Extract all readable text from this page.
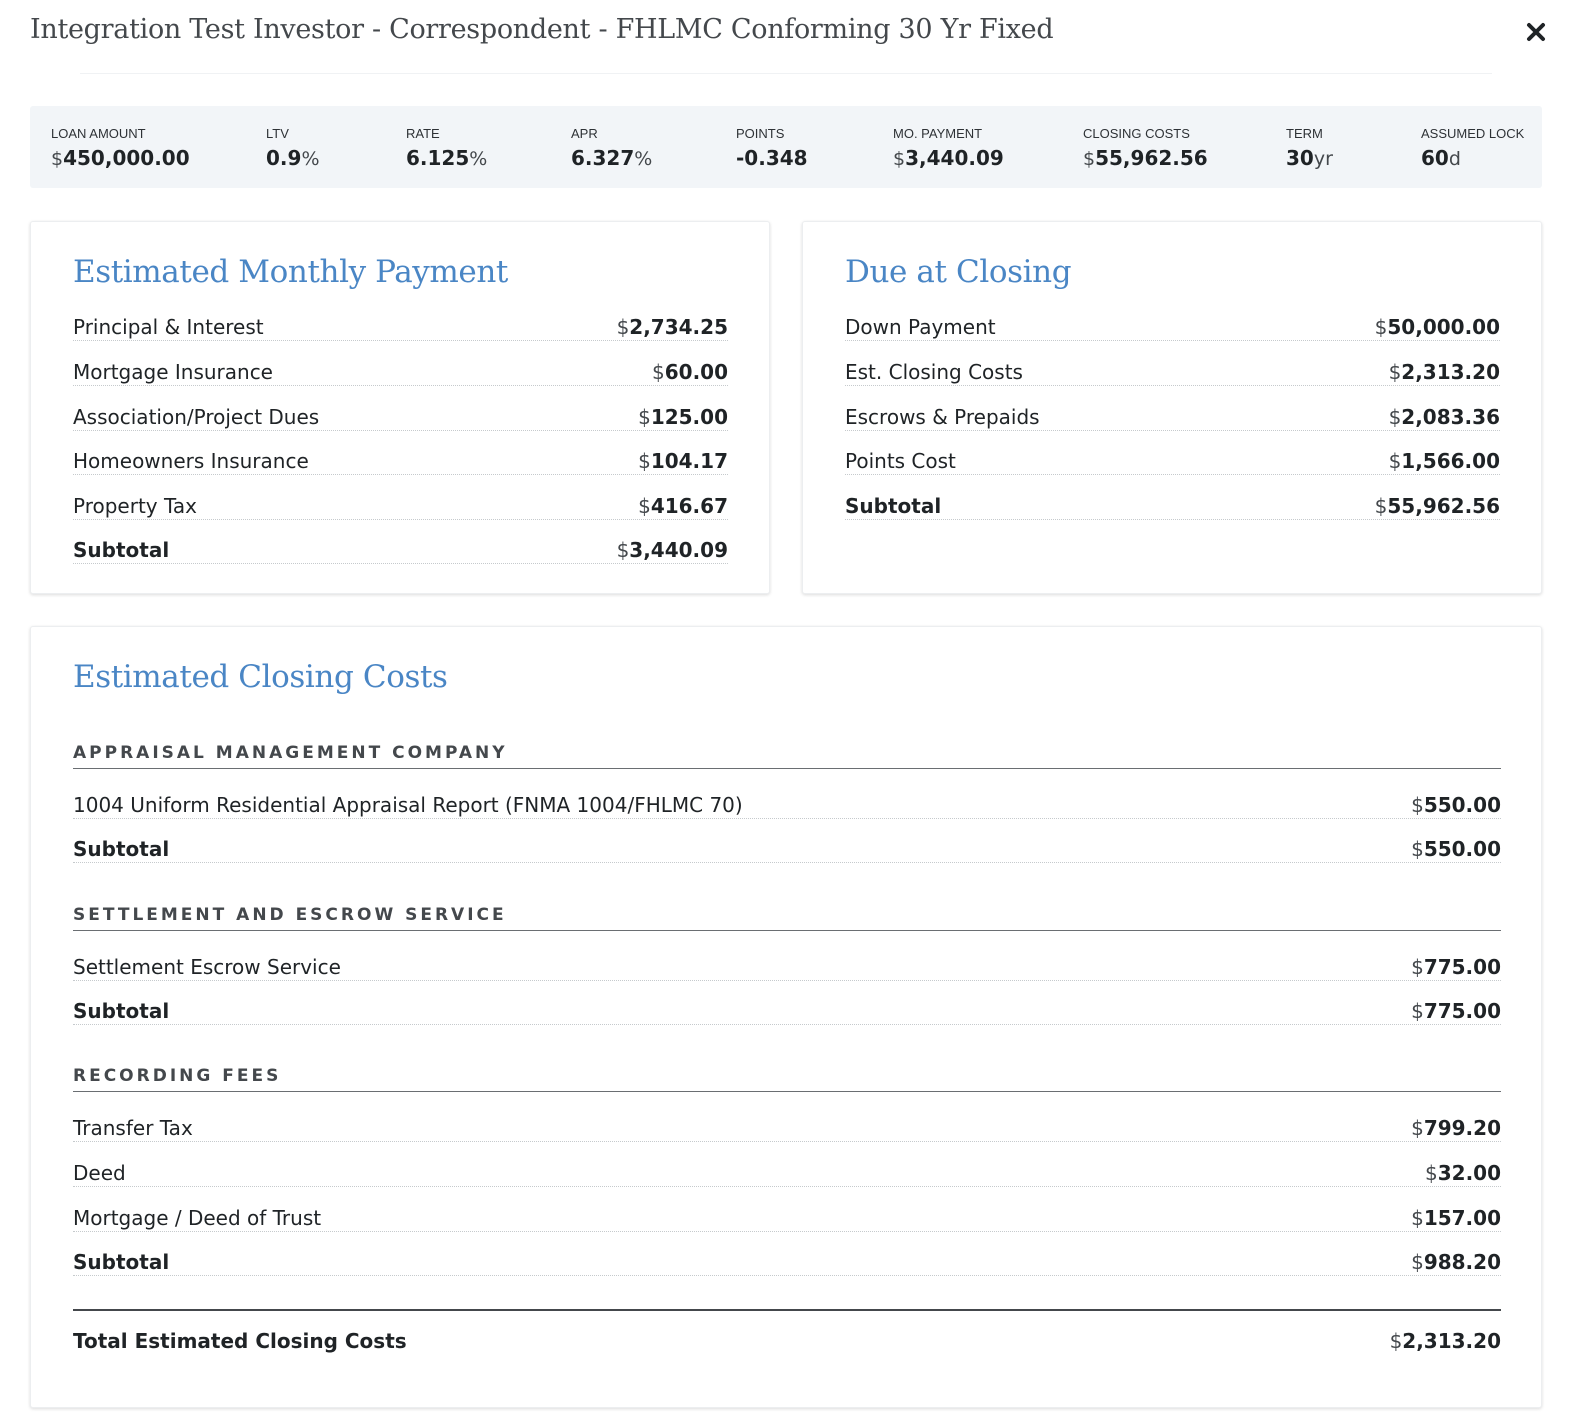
Integration Test Investor - Correspondent - FHLMC Conforming 30 Yr Fixed
LOAN AMOUNT
$450,000.00
LTV
0.9%
RATE
6.125%
APR
6.327%
POINTS
-0.348
MO. PAYMENT
$3,440.09
CLOSING COSTS
$55,962.56
TERM
30yr
ASSUMED LOCK
60d
Estimated Monthly Payment
Principal & Interest	$2,734.25
Mortgage Insurance	$60.00
Association/Project Dues	$125.00
Homeowners Insurance	$104.17
Property Tax	$416.67
Subtotal	$3,440.09
Due at Closing
Down Payment	$50,000.00
Est. Closing Costs	$2,313.20
Escrows & Prepaids	$2,083.36
Points Cost	$1,566.00
Subtotal	$55,962.56
Estimated Closing Costs
APPRAISAL MANAGEMENT COMPANY
1004 Uniform Residential Appraisal Report (FNMA 1004/FHLMC 70)	$550.00
Subtotal	$550.00
SETTLEMENT AND ESCROW SERVICE
Settlement Escrow Service	$775.00
Subtotal	$775.00
RECORDING FEES
Transfer Tax	$799.20
Deed	$32.00
Mortgage / Deed of Trust	$157.00
Subtotal	$988.20
Total Estimated Closing Costs	$2,313.20
